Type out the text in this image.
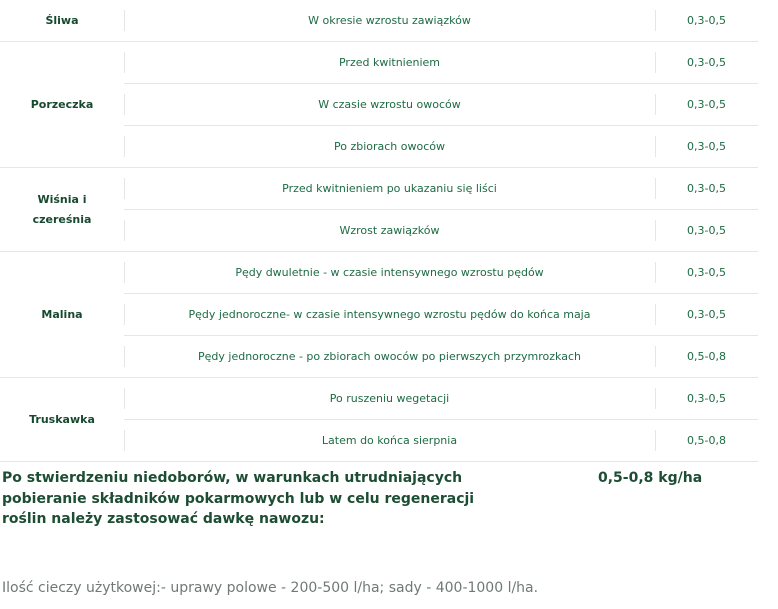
Śliwa	W okresie wzrostu zawiązków	0,3-0,5
Porzeczka
Przed kwitnieniem	0,3-0,5
W czasie wzrostu owoców	0,3-0,5
Po zbiorach owoców	0,3-0,5
Wiśnia i czereśnia
Przed kwitnieniem po ukazaniu się liści	0,3-0,5
Wzrost zawiązków	0,3-0,5
Malina
Pędy dwuletnie - w czasie intensywnego wzrostu pędów	0,3-0,5
Pędy jednoroczne- w czasie intensywnego wzrostu pędów do końca maja	0,3-0,5
Pędy jednoroczne - po zbiorach owoców po pierwszych przymrozkach	0,5-0,8
Truskawka
Po ruszeniu wegetacji	0,3-0,5
Latem do końca sierpnia	0,5-0,8
Po stwierdzeniu niedoborów, w warunkach utrudniających pobieranie składników pokarmowych lub w celu regeneracji roślin należy zastosować dawkę nawozu:
0,5-0,8 kg/ha
Ilość cieczy użytkowej:- uprawy polowe - 200-500 l/ha; sady - 400-1000 l/ha.
